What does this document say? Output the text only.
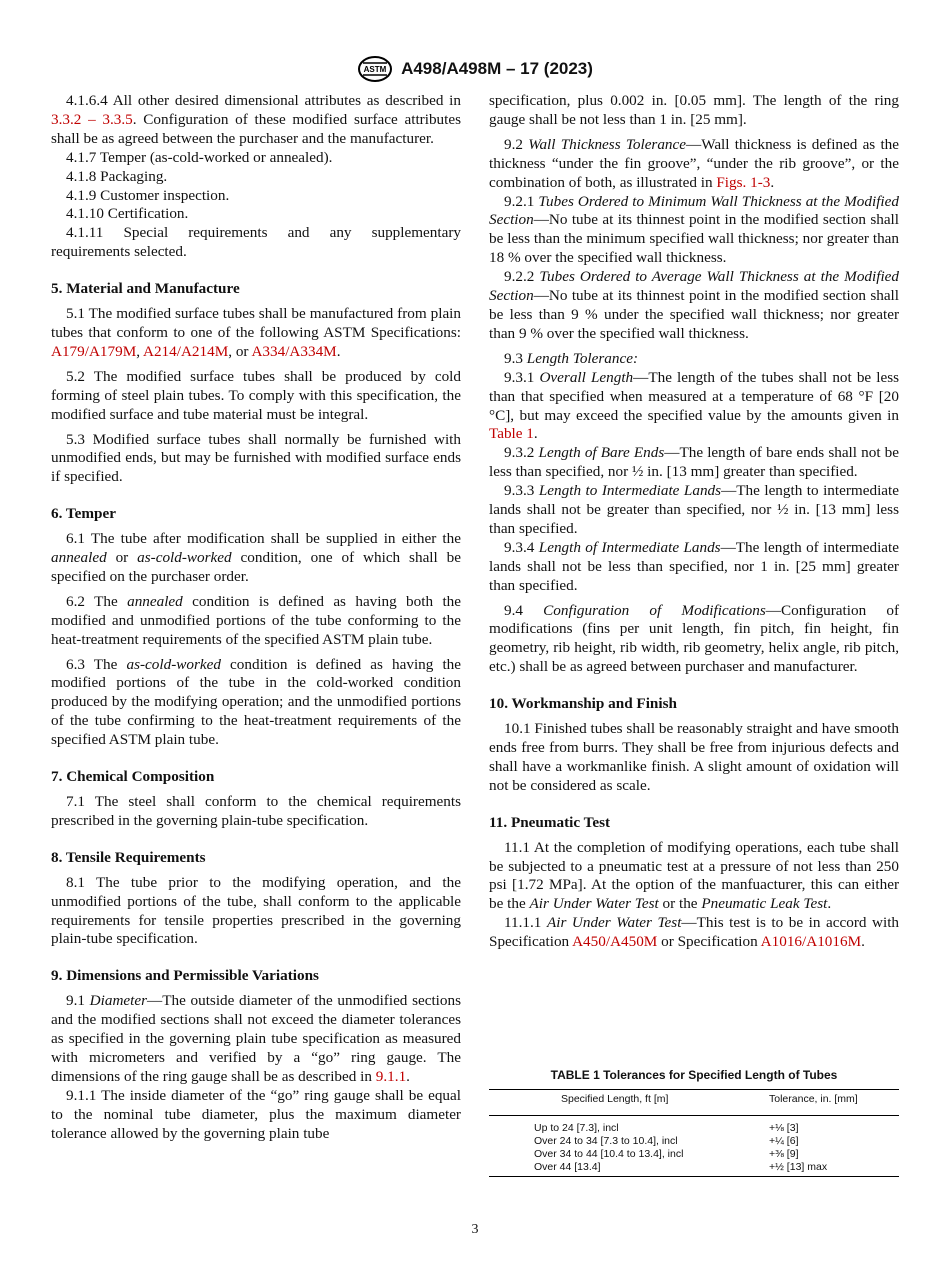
ASTM A498/A498M – 17 (2023)

4.1.6.4 All other desired dimensional attributes as described in 3.3.2 – 3.3.5. Configuration of these modified surface attributes shall be as agreed between the purchaser and the manufacturer.

4.1.7 Temper (as-cold-worked or annealed).

4.1.8 Packaging.

4.1.9 Customer inspection.

4.1.10 Certification.

4.1.11 Special requirements and any supplementary requirements selected.

5. Material and Manufacture

5.1 The modified surface tubes shall be manufactured from plain tubes that conform to one of the following ASTM Specifications: A179/A179M, A214/A214M, or A334/A334M.

5.2 The modified surface tubes shall be produced by cold forming of steel plain tubes. To comply with this specification, the modified surface and tube material must be integral.

5.3 Modified surface tubes shall normally be furnished with unmodified ends, but may be furnished with modified surface ends if specified.

6. Temper

6.1 The tube after modification shall be supplied in either the annealed or as-cold-worked condition, one of which shall be specified on the purchaser order.

6.2 The annealed condition is defined as having both the modified and unmodified portions of the tube conforming to the heat-treatment requirements of the specified ASTM plain tube.

6.3 The as-cold-worked condition is defined as having the modified portions of the tube in the cold-worked condition produced by the modifying operation; and the unmodified portions of the tube confirming to the heat-treatment requirements of the specified ASTM plain tube.

7. Chemical Composition

7.1 The steel shall conform to the chemical requirements prescribed in the governing plain-tube specification.

8. Tensile Requirements

8.1 The tube prior to the modifying operation, and the unmodified portions of the tube, shall conform to the applicable requirements for tensile properties prescribed in the governing plain-tube specification.

9. Dimensions and Permissible Variations

9.1 Diameter—The outside diameter of the unmodified sections and the modified sections shall not exceed the diameter tolerances as specified in the governing plain tube specification as measured with micrometers and verified by a “go” ring gauge. The dimensions of the ring gauge shall be as described in 9.1.1.

9.1.1 The inside diameter of the “go” ring gauge shall be equal to the nominal tube diameter, plus the maximum diameter tolerance allowed by the governing plain tube

specification, plus 0.002 in. [0.05 mm]. The length of the ring gauge shall be not less than 1 in. [25 mm].

9.2 Wall Thickness Tolerance—Wall thickness is defined as the thickness “under the fin groove”, “under the rib groove”, or the combination of both, as illustrated in Figs. 1-3.

9.2.1 Tubes Ordered to Minimum Wall Thickness at the Modified Section—No tube at its thinnest point in the modified section shall be less than the minimum specified wall thickness; nor greater than 18 % over the specified wall thickness.

9.2.2 Tubes Ordered to Average Wall Thickness at the Modified Section—No tube at its thinnest point in the modified section shall be less than 9 % under the specified wall thickness; nor greater than 9 % over the specified wall thickness.

9.3 Length Tolerance:

9.3.1 Overall Length—The length of the tubes shall not be less than that specified when measured at a temperature of 68 °F [20 °C], but may exceed the specified value by the amounts given in Table 1.

9.3.2 Length of Bare Ends—The length of bare ends shall not be less than specified, nor ½ in. [13 mm] greater than specified.

9.3.3 Length to Intermediate Lands—The length to intermediate lands shall not be greater than specified, nor ½ in. [13 mm] less than specified.

9.3.4 Length of Intermediate Lands—The length of intermediate lands shall not be less than specified, nor 1 in. [25 mm] greater than specified.

9.4 Configuration of Modifications—Configuration of modifications (fins per unit length, fin pitch, fin height, fin geometry, rib height, rib width, rib geometry, helix angle, rib pitch, etc.) shall be as agreed between purchaser and manufacturer.

10. Workmanship and Finish

10.1 Finished tubes shall be reasonably straight and have smooth ends free from burrs. They shall be free from injurious defects and shall have a workmanlike finish. A slight amount of oxidation will not be considered as scale.

11. Pneumatic Test

11.1 At the completion of modifying operations, each tube shall be subjected to a pneumatic test at a pressure of not less than 250 psi [1.72 MPa]. At the option of the manfuacturer, this can either be the Air Under Water Test or the Pneumatic Leak Test.

11.1.1 Air Under Water Test—This test is to be in accord with Specification A450/A450M or Specification A1016/A1016M.

TABLE 1 Tolerances for Specified Length of Tubes
Specified Length, ft [m]	Tolerance, in. [mm]
Up to 24 [7.3], incl	+⅛ [3]
Over 24 to 34 [7.3 to 10.4], incl	+¼ [6]
Over 34 to 44 [10.4 to 13.4], incl	+⅜ [9]
Over 44 [13.4]	+½ [13] max
3
